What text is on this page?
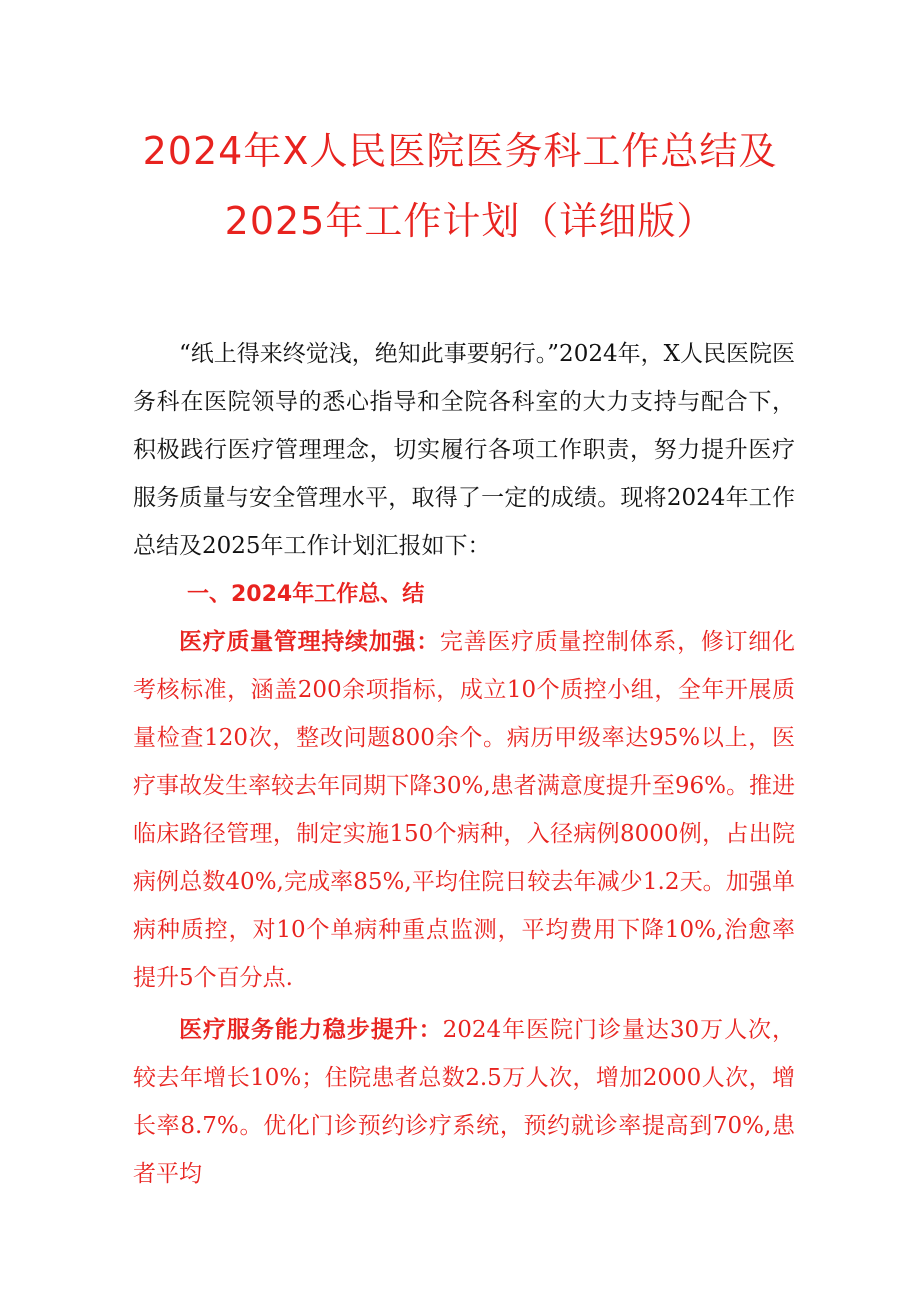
2024年X人民医院医务科工作总结及
2025年工作计划（详细版）

“纸上得来终觉浅，绝知此事要躬行。”2024年，X人民医院医务科在医院领导的悉心指导和全院各科室的大力支持与配合下，积极践行医疗管理理念，切实履行各项工作职责，努力提升医疗服务质量与安全管理水平，取得了一定的成绩。现将2024年工作总结及2025年工作计划汇报如下：

一、2024年工作总、结

医疗质量管理持续加强：完善医疗质量控制体系，修订细化考核标准，涵盖200余项指标，成立10个质控小组，全年开展质量检查120次，整改问题800余个。病历甲级率达95%以上，医疗事故发生率较去年同期下降30%,患者满意度提升至96%。推进临床路径管理，制定实施150个病种，入径病例8000例，占出院病例总数40%,完成率85%,平均住院日较去年减少1.2天。加强单病种质控，对10个单病种重点监测，平均费用下降10%,治愈率提升5个百分点.

医疗服务能力稳步提升：2024年医院门诊量达30万人次，较去年增长10%；住院患者总数2.5万人次，增加2000人次，增长率8.7%。优化门诊预约诊疗系统，预约就诊率提高到70%,患者平均
